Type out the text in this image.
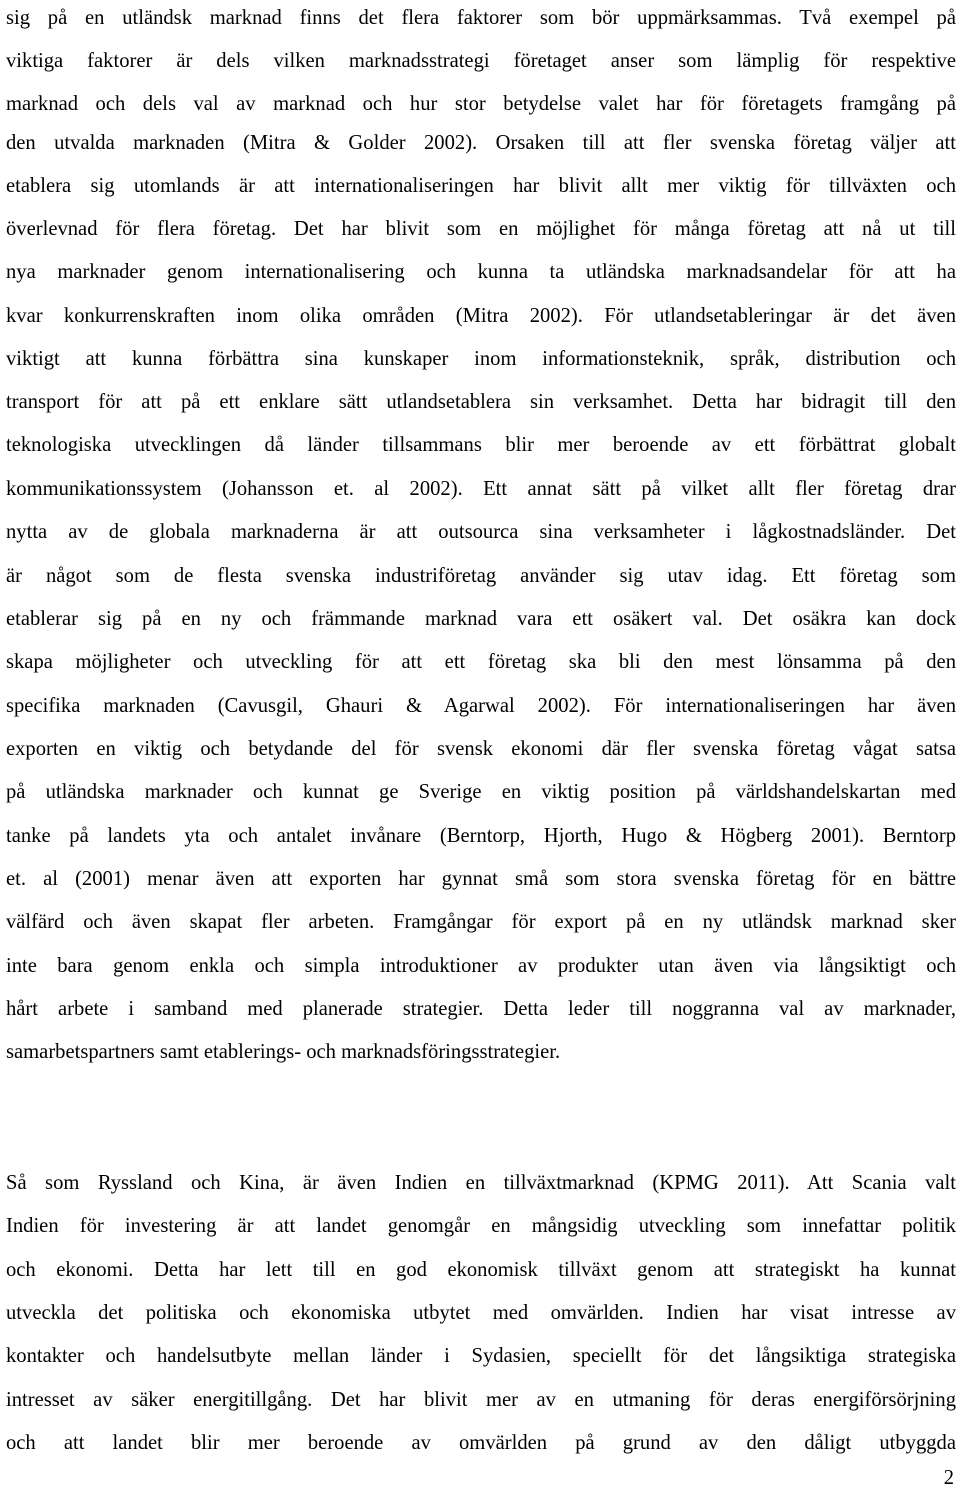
sig på en utländsk marknad finns det flera faktorer som bör uppmärksammas. Två exempel på
viktiga faktorer är dels vilken marknadsstrategi företaget anser som lämplig för respektive
marknad och dels val av marknad och hur stor betydelse valet har för företagets framgång på
den utvalda marknaden (Mitra & Golder 2002). Orsaken till att fler svenska företag väljer att
etablera sig utomlands är att internationaliseringen har blivit allt mer viktig för tillväxten och
överlevnad för flera företag. Det har blivit som en möjlighet för många företag att nå ut till
nya marknader genom internationalisering och kunna ta utländska marknadsandelar för att ha
kvar konkurrenskraften inom olika områden (Mitra 2002). För utlandsetableringar är det även
viktigt att kunna förbättra sina kunskaper inom informationsteknik, språk, distribution och
transport för att på ett enklare sätt utlandsetablera sin verksamhet. Detta har bidragit till den
teknologiska utvecklingen då länder tillsammans blir mer beroende av ett förbättrat globalt
kommunikationssystem (Johansson et. al 2002). Ett annat sätt på vilket allt fler företag drar
nytta av de globala marknaderna är att outsourca sina verksamheter i lågkostnadsländer. Det
är något som de flesta svenska industriföretag använder sig utav idag. Ett företag som
etablerar sig på en ny och främmande marknad vara ett osäkert val. Det osäkra kan dock
skapa möjligheter och utveckling för att ett företag ska bli den mest lönsamma på den
specifika marknaden (Cavusgil, Ghauri & Agarwal 2002). För internationaliseringen har även
exporten en viktig och betydande del för svensk ekonomi där fler svenska företag vågat satsa
på utländska marknader och kunnat ge Sverige en viktig position på världshandelskartan med
tanke på landets yta och antalet invånare (Berntorp, Hjorth, Hugo & Högberg 2001). Berntorp
et. al (2001) menar även att exporten har gynnat små som stora svenska företag för en bättre
välfärd och även skapat fler arbeten. Framgångar för export på en ny utländsk marknad sker
inte bara genom enkla och simpla introduktioner av produkter utan även via långsiktigt och
hårt arbete i samband med planerade strategier. Detta leder till noggranna val av marknader,
samarbetspartners samt etablerings- och marknadsföringsstrategier.
Så som Ryssland och Kina, är även Indien en tillväxtmarknad (KPMG 2011). Att Scania valt
Indien för investering är att landet genomgår en mångsidig utveckling som innefattar politik
och ekonomi. Detta har lett till en god ekonomisk tillväxt genom att strategiskt ha kunnat
utveckla det politiska och ekonomiska utbytet med omvärlden. Indien har visat intresse av
kontakter och handelsutbyte mellan länder i Sydasien, speciellt för det långsiktiga strategiska
intresset av säker energitillgång. Det har blivit mer av en utmaning för deras energiförsörjning
och att landet blir mer beroende av omvärlden på grund av den dåligt utbyggda
2
